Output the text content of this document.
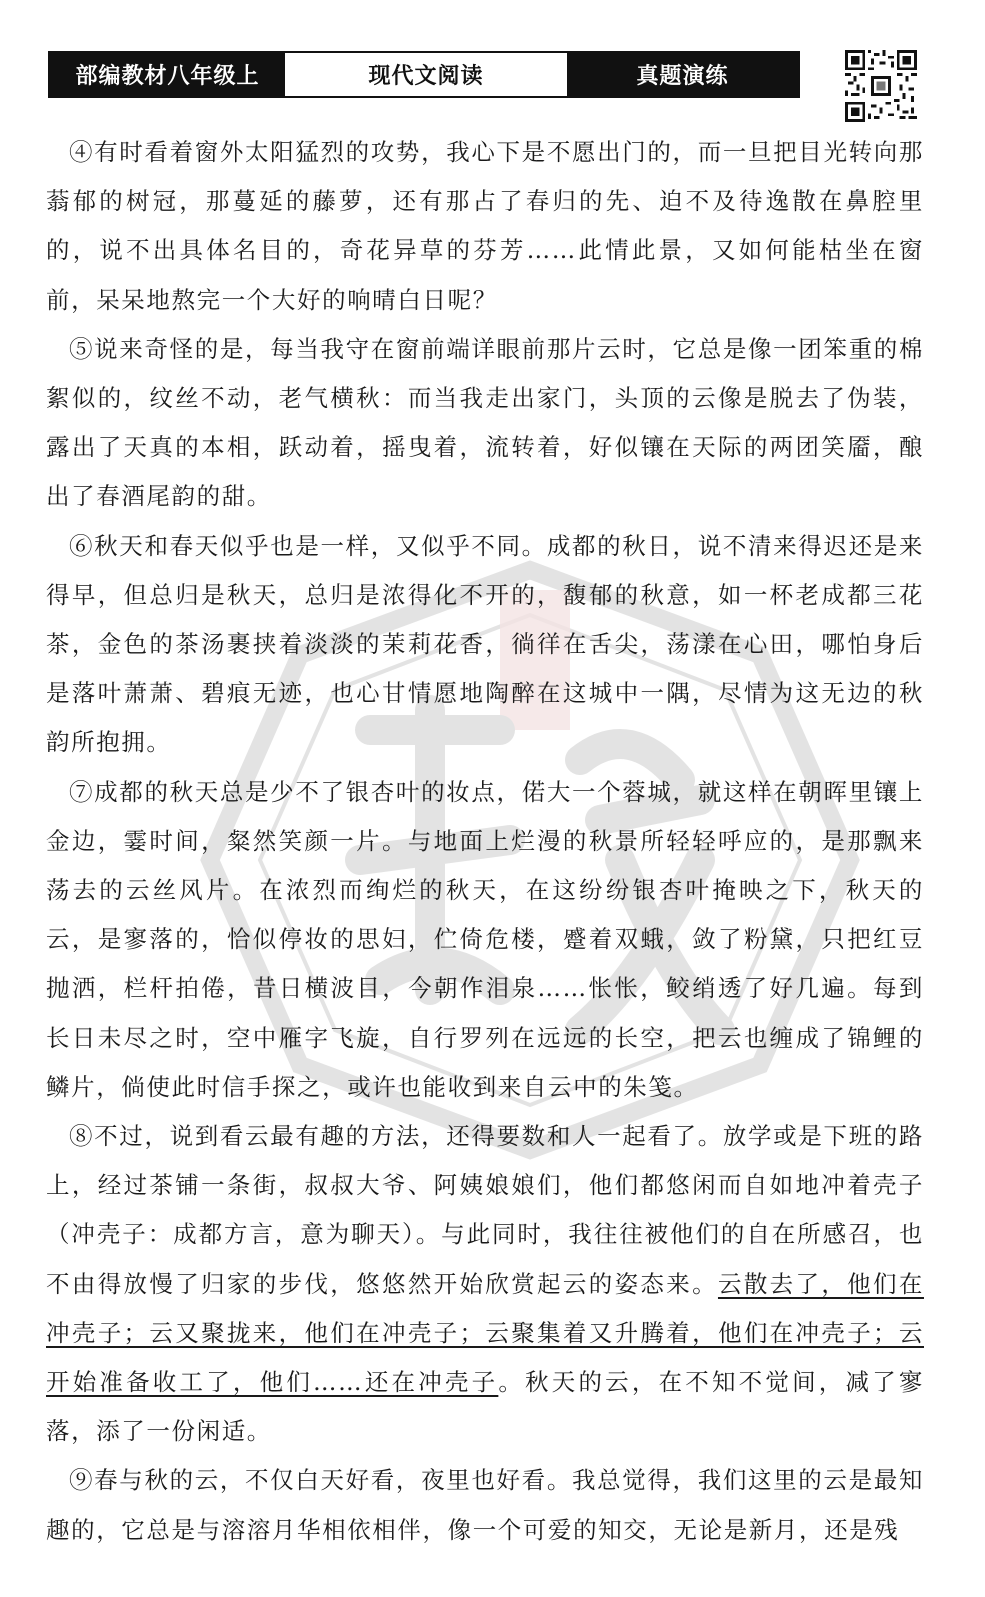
部编教材八年级上	现代文阅读	真题演练

④有时看着窗外太阳猛烈的攻势，我心下是不愿出门的，而一旦把目光转向那蓊郁的树冠，那蔓延的藤萝，还有那占了春归的先、迫不及待逸散在鼻腔里的，说不出具体名目的，奇花异草的芬芳……此情此景，又如何能枯坐在窗前，呆呆地熬完一个大好的响晴白日呢？

⑤说来奇怪的是，每当我守在窗前端详眼前那片云时，它总是像一团笨重的棉絮似的，纹丝不动，老气横秋：而当我走出家门，头顶的云像是脱去了伪装，露出了天真的本相，跃动着，摇曳着，流转着，好似镶在天际的两团笑靥，酿出了春酒尾韵的甜。

⑥秋天和春天似乎也是一样，又似乎不同。成都的秋日，说不清来得迟还是来得早，但总归是秋天，总归是浓得化不开的，馥郁的秋意，如一杯老成都三花茶，金色的茶汤裹挟着淡淡的茉莉花香，徜徉在舌尖，荡漾在心田，哪怕身后是落叶萧萧、碧痕无迹，也心甘情愿地陶醉在这城中一隅，尽情为这无边的秋韵所抱拥。

⑦成都的秋天总是少不了银杏叶的妆点，偌大一个蓉城，就这样在朝晖里镶上金边，霎时间，粲然笑颜一片。与地面上烂漫的秋景所轻轻呼应的，是那飘来荡去的云丝风片。在浓烈而绚烂的秋天，在这纷纷银杏叶掩映之下，秋天的云，是寥落的，恰似停妆的思妇，伫倚危楼，蹙着双蛾，敛了粉黛，只把红豆抛洒，栏杆拍倦，昔日横波目，今朝作泪泉……怅怅，鲛绡透了好几遍。每到长日未尽之时，空中雁字飞旋，自行罗列在远远的长空，把云也缠成了锦鲤的鳞片，倘使此时信手探之，或许也能收到来自云中的朱笺。

⑧不过，说到看云最有趣的方法，还得要数和人一起看了。放学或是下班的路上，经过茶铺一条街，叔叔大爷、阿姨娘娘们，他们都悠闲而自如地冲着壳子（冲壳子：成都方言，意为聊天）。与此同时，我往往被他们的自在所感召，也不由得放慢了归家的步伐，悠悠然开始欣赏起云的姿态来。云散去了，他们在冲壳子；云又聚拢来，他们在冲壳子；云聚集着又升腾着，他们在冲壳子；云开始准备收工了，他们……还在冲壳子。秋天的云，在不知不觉间，减了寥落，添了一份闲适。

⑨春与秋的云，不仅白天好看，夜里也好看。我总觉得，我们这里的云是最知趣的，它总是与溶溶月华相依相伴，像一个可爱的知交，无论是新月，还是残
